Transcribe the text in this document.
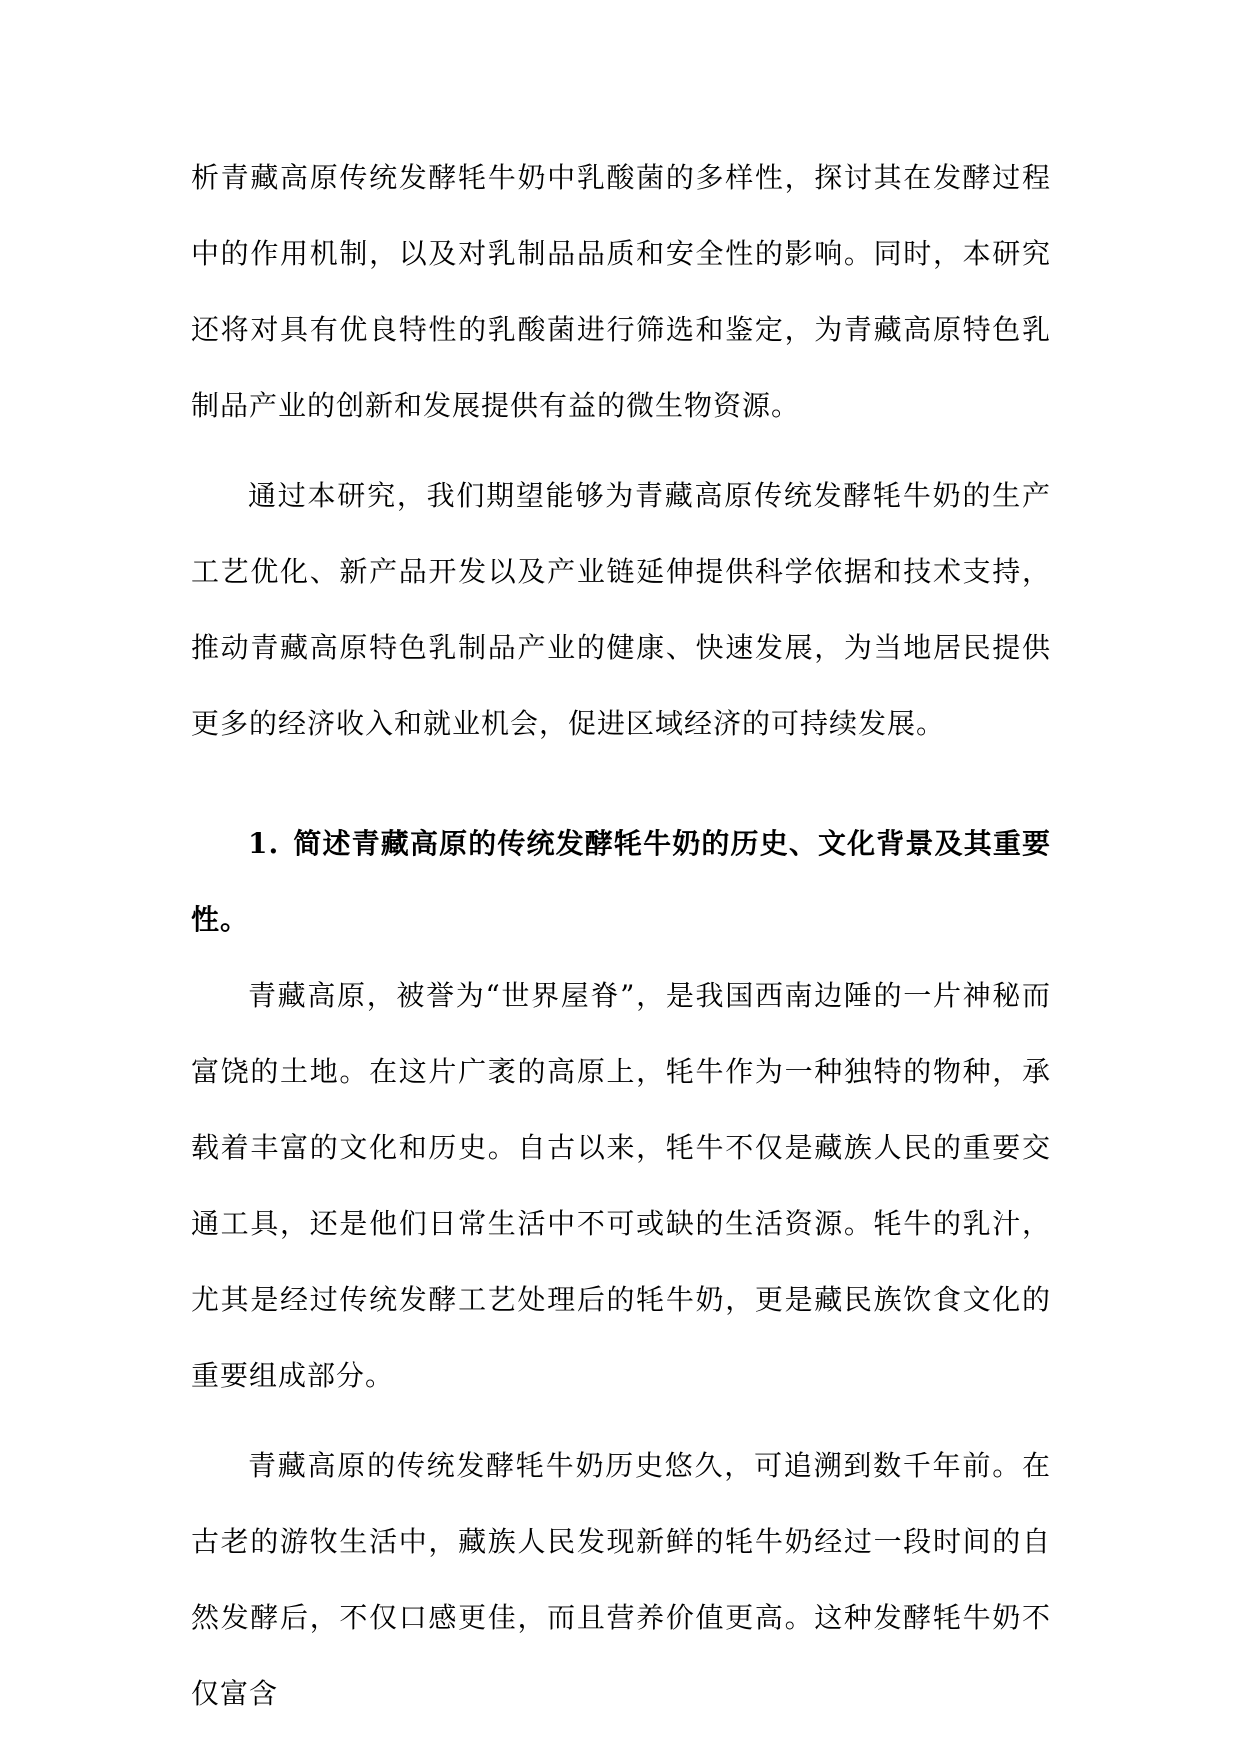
析青藏高原传统发酵牦牛奶中乳酸菌的多样性，探讨其在发酵过程中的作用机制，以及对乳制品品质和安全性的影响。同时，本研究还将对具有优良特性的乳酸菌进行筛选和鉴定，为青藏高原特色乳制品产业的创新和发展提供有益的微生物资源。

通过本研究，我们期望能够为青藏高原传统发酵牦牛奶的生产工艺优化、新产品开发以及产业链延伸提供科学依据和技术支持，推动青藏高原特色乳制品产业的健康、快速发展，为当地居民提供更多的经济收入和就业机会，促进区域经济的可持续发展。

1. 简述青藏高原的传统发酵牦牛奶的历史、文化背景及其重要性。

青藏高原，被誉为“世界屋脊”，是我国西南边陲的一片神秘而富饶的土地。在这片广袤的高原上，牦牛作为一种独特的物种，承载着丰富的文化和历史。自古以来，牦牛不仅是藏族人民的重要交通工具，还是他们日常生活中不可或缺的生活资源。牦牛的乳汁，尤其是经过传统发酵工艺处理后的牦牛奶，更是藏民族饮食文化的重要组成部分。

青藏高原的传统发酵牦牛奶历史悠久，可追溯到数千年前。在古老的游牧生活中，藏族人民发现新鲜的牦牛奶经过一段时间的自然发酵后，不仅口感更佳，而且营养价值更高。这种发酵牦牛奶不仅富含
